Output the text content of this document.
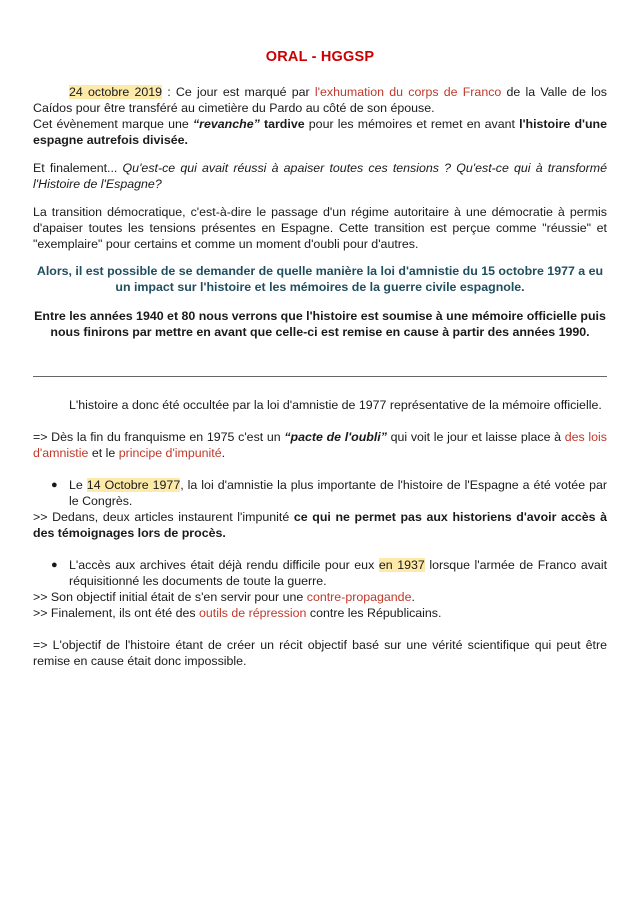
ORAL - HGGSP

24 octobre 2019 : Ce jour est marqué par l'exhumation du corps de Franco de la Valle de los Caídos pour être transféré au cimetière du Pardo au côté de son épouse.

Cet évènement marque une “revanche” tardive pour les mémoires et remet en avant l'histoire d'une espagne autrefois divisée.

Et finalement... Qu'est-ce qui avait réussi à apaiser toutes ces tensions ? Qu'est-ce qui à transformé l'Histoire de l'Espagne?

La transition démocratique, c'est-à-dire le passage d'un régime autoritaire à une démocratie à permis d'apaiser toutes les tensions présentes en Espagne. Cette transition est perçue comme "réussie" et "exemplaire" pour certains et comme un moment d'oubli pour d'autres.

Alors, il est possible de se demander de quelle manière la loi d'amnistie du 15 octobre 1977 a eu un impact sur l'histoire et les mémoires de la guerre civile espagnole.

Entre les années 1940 et 80 nous verrons que l'histoire est soumise à une mémoire officielle puis nous finirons par mettre en avant que celle-ci est remise en cause à partir des années 1990.

L'histoire a donc été occultée par la loi d'amnistie de 1977 représentative de la mémoire officielle.

=> Dès la fin du franquisme en 1975 c'est un “pacte de l'oubli” qui voit le jour et laisse place à des lois d'amnistie et le principe d'impunité.

● Le 14 Octobre 1977, la loi d'amnistie la plus importante de l'histoire de l'Espagne a été votée par le Congrès.

>> Dedans, deux articles instaurent l'impunité ce qui ne permet pas aux historiens d'avoir accès à des témoignages lors de procès.

● L'accès aux archives était déjà rendu difficile pour eux en 1937 lorsque l'armée de Franco avait réquisitionné les documents de toute la guerre.

>> Son objectif initial était de s'en servir pour une contre-propagande.

>> Finalement, ils ont été des outils de répression contre les Républicains.

=> L'objectif de l'histoire étant de créer un récit objectif basé sur une vérité scientifique qui peut être remise en cause était donc impossible.
